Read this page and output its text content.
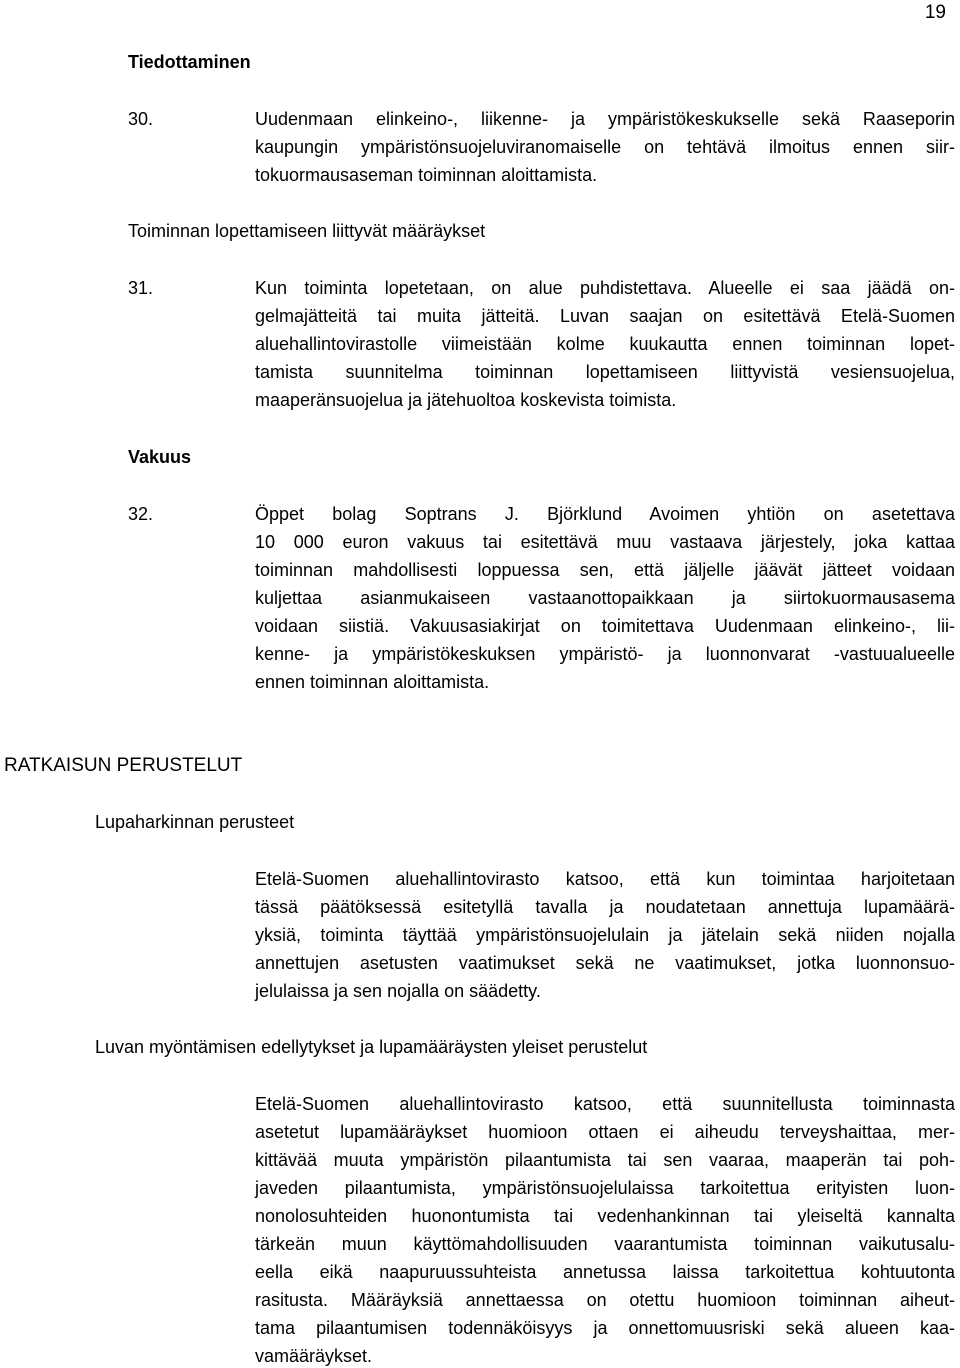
19
Tiedottaminen
30.	Uudenmaan elinkeino-, liikenne- ja ympäristökeskukselle sekä Raaseporin
kaupungin ympäristönsuojeluviranomaiselle on tehtävä ilmoitus ennen siir-
tokuormausaseman toiminnan aloittamista.
Toiminnan lopettamiseen liittyvät määräykset
31.	Kun toiminta lopetetaan, on alue puhdistettava. Alueelle ei saa jäädä on-
gelmajätteitä tai muita jätteitä. Luvan saajan on esitettävä Etelä-Suomen
aluehallintovirastolle viimeistään kolme kuukautta ennen toiminnan lopet-
tamista suunnitelma toiminnan lopettamiseen liittyvistä vesiensuojelua,
maaperänsuojelua ja jätehuoltoa koskevista toimista.
Vakuus
32.	Öppet bolag Soptrans J. Björklund Avoimen yhtiön on asetettava
10 000 euron vakuus tai esitettävä muu vastaava järjestely, joka kattaa
toiminnan mahdollisesti loppuessa sen, että jäljelle jäävät jätteet voidaan
kuljettaa asianmukaiseen vastaanottopaikkaan ja siirtokuormausasema
voidaan siistiä. Vakuusasiakirjat on toimitettava Uudenmaan elinkeino-, lii-
kenne- ja ympäristökeskuksen ympäristö- ja luonnonvarat -vastuualueelle
ennen toiminnan aloittamista.
RATKAISUN PERUSTELUT
Lupaharkinnan perusteet
Etelä-Suomen aluehallintovirasto katsoo, että kun toimintaa harjoitetaan
tässä päätöksessä esitetyllä tavalla ja noudatetaan annettuja lupamäärä-
yksiä, toiminta täyttää ympäristönsuojelulain ja jätelain sekä niiden nojalla
annettujen asetusten vaatimukset sekä ne vaatimukset, jotka luonnonsuo-
jelulaissa ja sen nojalla on säädetty.
Luvan myöntämisen edellytykset ja lupamääräysten yleiset perustelut
Etelä-Suomen aluehallintovirasto katsoo, että suunnitellusta toiminnasta
asetetut lupamääräykset huomioon ottaen ei aiheudu terveyshaittaa, mer-
kittävää muuta ympäristön pilaantumista tai sen vaaraa, maaperän tai poh-
javeden pilaantumista, ympäristönsuojelulaissa tarkoitettua erityisten luon-
nonolosuhteiden huonontumista tai vedenhankinnan tai yleiseltä kannalta
tärkeän muun käyttömahdollisuuden vaarantumista toiminnan vaikutusalu-
eella eikä naapuruussuhteista annetussa laissa tarkoitettua kohtuutonta
rasitusta. Määräyksiä annettaessa on otettu huomioon toiminnan aiheut-
tama pilaantumisen todennäköisyys ja onnettomuusriski sekä alueen kaa-
vamääräykset.
